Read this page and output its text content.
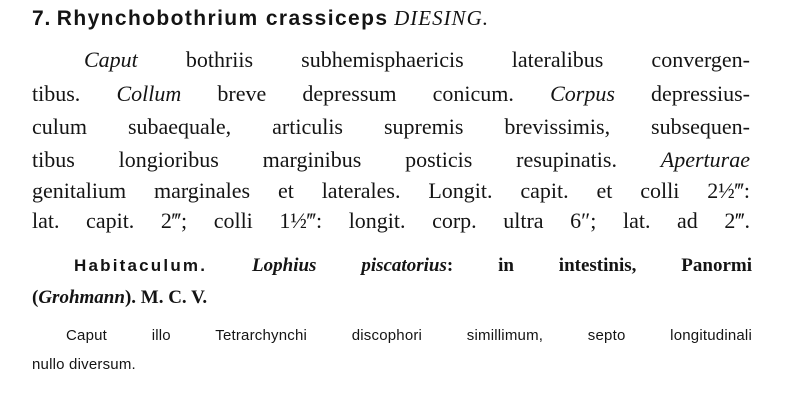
7. Rhynchobothrium crassiceps DIESING.
Caput bothriis subhemisphaericis lateralibus convergen-
tibus. Collum breve depressum conicum. Corpus depressius-
culum subaequale, articulis supremis brevissimis, subsequen-
tibus longioribus marginibus posticis resupinatis. Aperturae
genitalium marginales et laterales. Longit. capit. et colli 2½‴:
lat. capit. 2‴; colli 1½‴: longit. corp. ultra 6″; lat. ad 2‴.
Habitaculum. Lophius piscatorius: in intestinis, Panormi
(Grohmann). M. C. V.
Caput illo Tetrarchynchi discophori simillimum, septo longitudinali
nullo diversum.
